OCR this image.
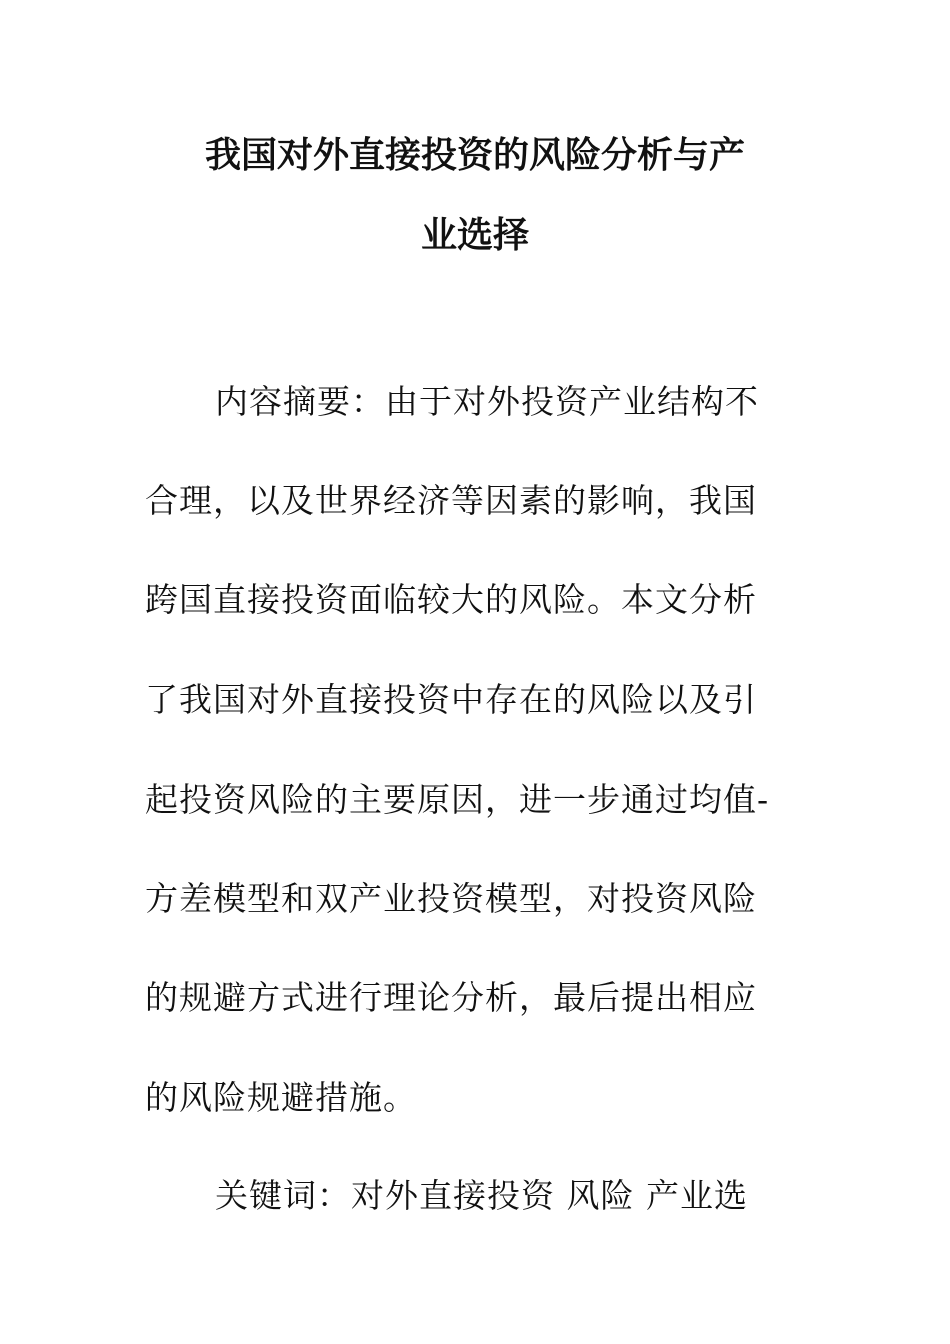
我国对外直接投资的风险分析与产
业选择
内容摘要：由于对外投资产业结构不
合理，以及世界经济等因素的影响，我国
跨国直接投资面临较大的风险。本文分析
了我国对外直接投资中存在的风险以及引
起投资风险的主要原因，进一步通过均值-
方差模型和双产业投资模型，对投资风险
的规避方式进行理论分析，最后提出相应
的风险规避措施。
关键词：对外直接投资 风险 产业选
